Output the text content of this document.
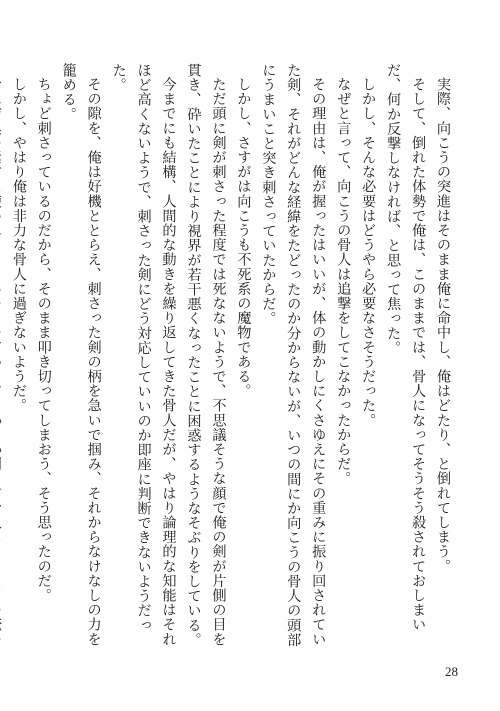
実際、向こうの突進はそのまま俺に命中し、俺はどたり、と倒れてしまう。

そして、倒れた体勢で俺は、このままでは、骨人になってそうそう殺されておしまいだ、何か反撃しなければ、と思って焦った。

しかし、そんな必要はどうやら必要なさそうだった。

なぜと言って、向こうの骨人は追撃をしてこなかったからだ。

その理由は、俺が握ったはいいが、体の動かしにくさゆえにその重みに振り回されていた剣、それがどんな経緯をたどったのか分からないが、いつの間にか向こうの骨人の頭部にうまいこと突き刺さっていたからだ。

しかし、さすがは向こうも不死系の魔物である。

ただ頭に剣が刺さった程度では死なないようで、不思議そうな顔で俺の剣が片側の目を貫き、砕いたことにより視界が若干悪くなったことに困惑するようなそぶりをしている。

今までにも結構、人間的な動きを繰り返してきた骨人だが、やはり論理的な知能はそれほど高くないようで、刺さった剣にどう対応していいのか即座に判断できないようだった。

その隙を、俺は好機ととらえ、刺さった剣の柄を急いで掴み、それからなけなしの力を籠める。

ちょど刺さっているのだから、そのまま叩き切ってしまおう、そう思ったのだ。

しかし、やはり俺は非力な骨人に過ぎないようだ。

28
